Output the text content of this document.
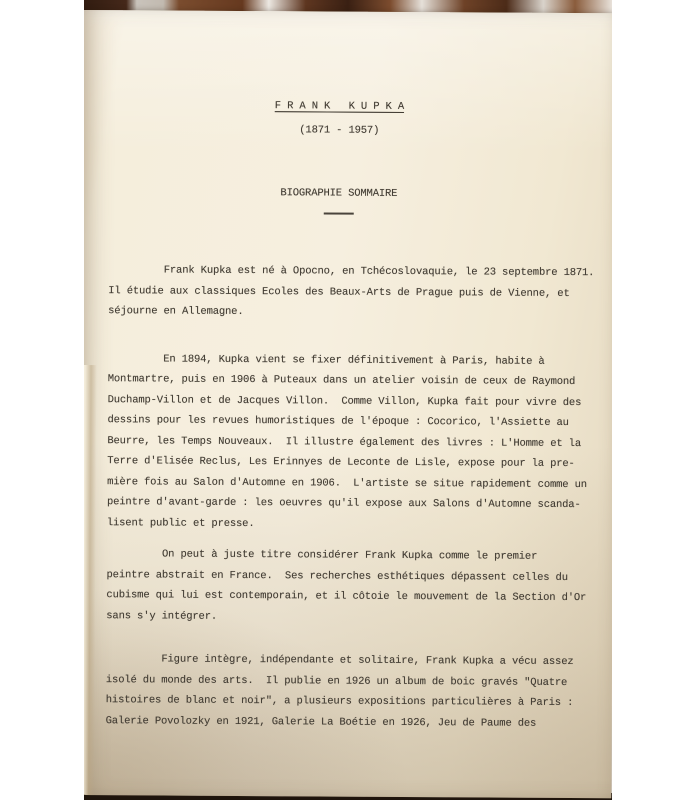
F R A N K   K U P K A
(1871 - 1957)
BIOGRAPHIE SOMMAIRE
Frank Kupka est né à Opocno, en Tchécoslovaquie, le 23 septembre 1871.
Il étudie aux classiques Ecoles des Beaux-Arts de Prague puis de Vienne, et
séjourne en Allemagne.
En 1894, Kupka vient se fixer définitivement à Paris, habite à
Montmartre, puis en 1906 à Puteaux dans un atelier voisin de ceux de Raymond
Duchamp-Villon et de Jacques Villon.  Comme Villon, Kupka fait pour vivre des
dessins pour les revues humoristiques de l'époque : Cocorico, l'Assiette au
Beurre, les Temps Nouveaux.  Il illustre également des livres : L'Homme et la
Terre d'Elisée Reclus, Les Erinnyes de Leconte de Lisle, expose pour la pre-
mière fois au Salon d'Automne en 1906.  L'artiste se situe rapidement comme un
peintre d'avant-garde : les oeuvres qu'il expose aux Salons d'Automne scanda-
lisent public et presse.
On peut à juste titre considérer Frank Kupka comme le premier
peintre abstrait en France.  Ses recherches esthétiques dépassent celles du
cubisme qui lui est contemporain, et il côtoie le mouvement de la Section d'Or
sans s'y intégrer.
Figure intègre, indépendante et solitaire, Frank Kupka a vécu assez
isolé du monde des arts.  Il publie en 1926 un album de boic gravés "Quatre
histoires de blanc et noir", a plusieurs expositions particulières à Paris :
Galerie Povolozky en 1921, Galerie La Boétie en 1926, Jeu de Paume des
